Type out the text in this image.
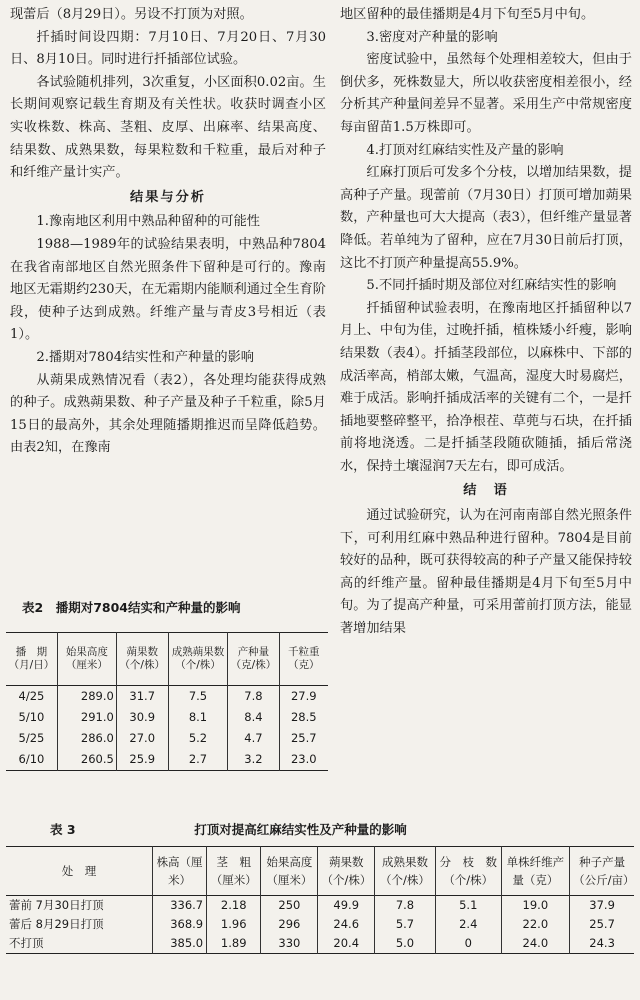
现蕾后（8月29日）。另设不打顶为对照。

扦插时间设四期：7月10日、7月20日、7月30日、8月10日。同时进行扦插部位试验。

各试验随机排列，3次重复，小区面积0.02亩。生长期间观察记载生育期及有关性状。收获时调查小区实收株数、株高、茎粗、皮厚、出麻率、结果高度、结果数、成熟果数，每果粒数和千粒重，最后对种子和纤维产量计实产。

结果与分析

1.豫南地区利用中熟品种留种的可能性

1988—1989年的试验结果表明，中熟品种7804在我省南部地区自然光照条件下留种是可行的。豫南地区无霜期约230天，在无霜期内能顺利通过全生育阶段，使种子达到成熟。纤维产量与青皮3号相近（表1）。

2.播期对7804结实性和产种量的影响

从蒴果成熟情况看（表2），各处理均能获得成熟的种子。成熟蒴果数、种子产量及种子千粒重，除5月15日的最高外，其余处理随播期推迟而呈降低趋势。由表2知，在豫南

地区留种的最佳播期是4月下旬至5月中旬。

3.密度对产种量的影响

密度试验中，虽然每个处理相差较大，但由于倒伏多，死株数显大，所以收获密度相差很小，经分析其产种量间差异不显著。采用生产中常规密度每亩留苗1.5万株即可。

4.打顶对红麻结实性及产量的影响

红麻打顶后可发多个分枝，以增加结果数，提高种子产量。现蕾前（7月30日）打顶可增加蒴果数，产种量也可大大提高（表3），但纤维产量显著降低。若单纯为了留种，应在7月30日前后打顶，这比不打顶产种量提高55.9%。

5.不同扦插时期及部位对红麻结实性的影响

扦插留种试验表明，在豫南地区扦插留种以7月上、中旬为佳，过晚扦插，植株矮小纤瘦，影响结果数（表4）。扦插茎段部位，以麻株中、下部的成活率高，梢部太嫩，气温高，湿度大时易腐烂，难于成活。影响扦插成活率的关键有二个，一是扦插地要整碎整平，拾净根茬、草蔸与石块，在扦插前将地浇透。二是扦插茎段随砍随插，插后常浇水，保持土壤湿润7天左右，即可成活。

结　语

通过试验研究，认为在河南南部自然光照条件下，可利用红麻中熟品种进行留种。7804是目前较好的品种，既可获得较高的种子产量又能保持较高的纤维产量。留种最佳播期是4月下旬至5月中旬。为了提高产种量，可采用蕾前打顶方法，能显著增加结果

表2　播期对7804结实和产种量的影响
播　期（月/日）	始果高度（厘米）	蒴果数（个/株）	成熟蒴果数（个/株）	产种量（克/株）	千粒重（克）
4/25	289.0	31.7	7.5	7.8	27.9
5/10	291.0	30.9	8.1	8.4	28.5
5/25	286.0	27.0	5.2	4.7	25.7
6/10	260.5	25.9	2.7	3.2	23.0
表 3	打顶对提高红麻结实性及产种量的影响
处　理	株高（厘米）	茎　粗（厘米）	始果高度（厘米）	蒴果数（个/株）	成熟果数（个/株）	分　枝　数（个/株）	单株纤维产量（克）	种子产量（公斤/亩）
蕾前 7月30日打顶	336.7	2.18	250	49.9	7.8	5.1	19.0	37.9
蕾后 8月29日打顶	368.9	1.96	296	24.6	5.7	2.4	22.0	25.7
不打顶	385.0	1.89	330	20.4	5.0	0	24.0	24.3
